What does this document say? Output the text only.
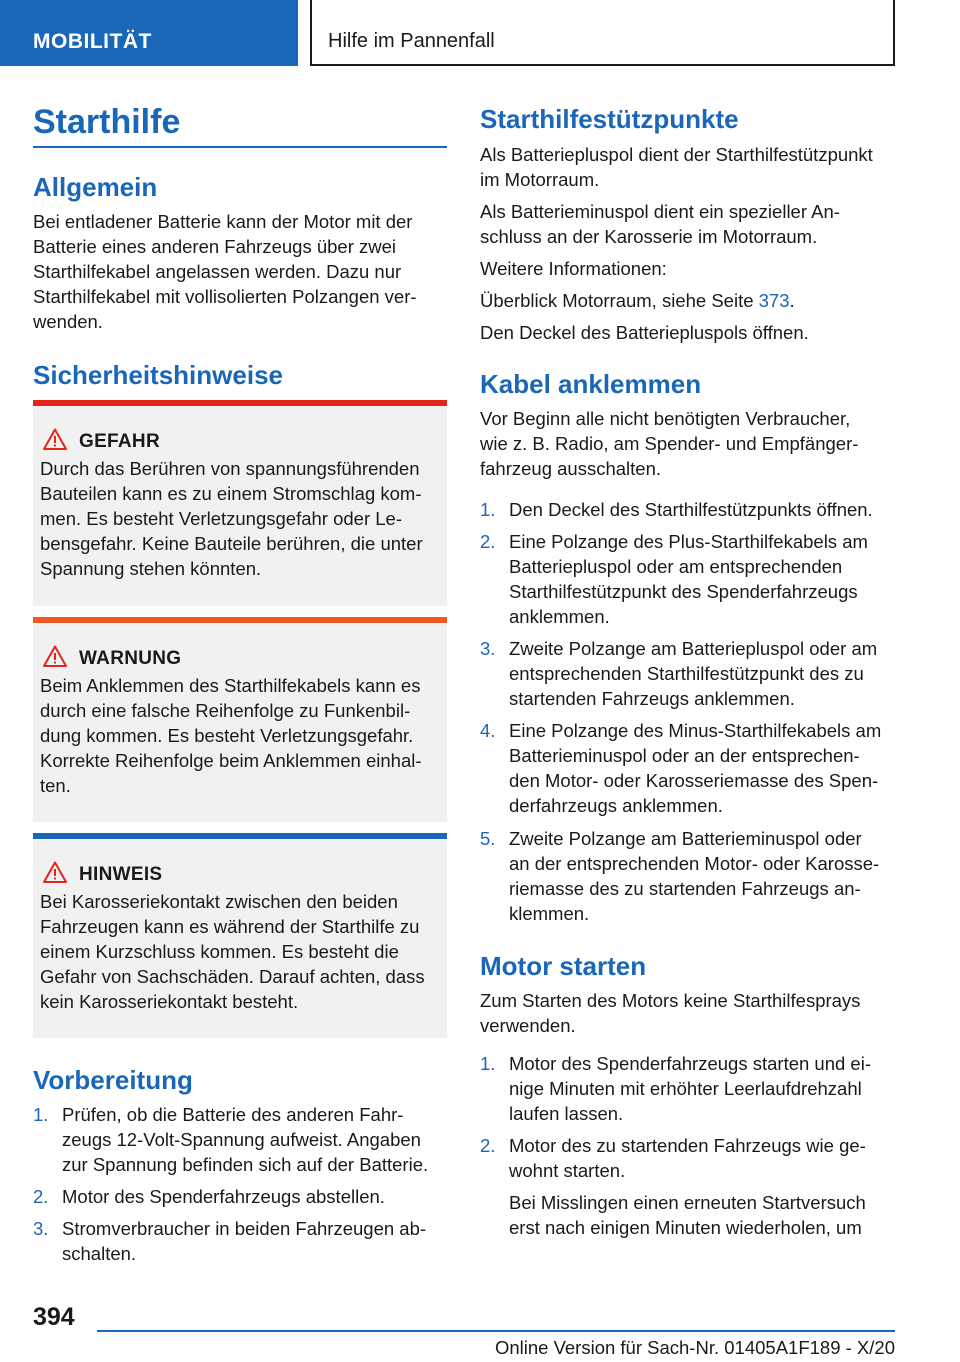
MOBILITÄT	Hilfe im Pannenfall
Starthilfe
Allgemein
Bei entladener Batterie kann der Motor mit der
Batterie eines anderen Fahrzeugs über zwei
Starthilfekabel angelassen werden. Dazu nur
Starthilfekabel mit vollisolierten Polzangen ver-
wenden.
Sicherheitshinweise
GEFAHR
Durch das Berühren von spannungsführenden
Bauteilen kann es zu einem Stromschlag kom-
men. Es besteht Verletzungsgefahr oder Le-
bensgefahr. Keine Bauteile berühren, die unter
Spannung stehen könnten.
WARNUNG
Beim Anklemmen des Starthilfekabels kann es
durch eine falsche Reihenfolge zu Funkenbil-
dung kommen. Es besteht Verletzungsgefahr.
Korrekte Reihenfolge beim Anklemmen einhal-
ten.
HINWEIS
Bei Karosseriekontakt zwischen den beiden
Fahrzeugen kann es während der Starthilfe zu
einem Kurzschluss kommen. Es besteht die
Gefahr von Sachschäden. Darauf achten, dass
kein Karosseriekontakt besteht.
Vorbereitung
1. Prüfen, ob die Batterie des anderen Fahr-
zeugs 12-Volt-Spannung aufweist. Angaben
zur Spannung befinden sich auf der Batterie.
2. Motor des Spenderfahrzeugs abstellen.
3. Stromverbraucher in beiden Fahrzeugen ab-
schalten.
Starthilfestützpunkte
Als Batteriepluspol dient der Starthilfestützpunkt
im Motorraum.
Als Batterieminuspol dient ein spezieller An-
schluss an der Karosserie im Motorraum.
Weitere Informationen:
Überblick Motorraum, siehe Seite 373.
Den Deckel des Batteriepluspols öffnen.
Kabel anklemmen
Vor Beginn alle nicht benötigten Verbraucher,
wie z. B. Radio, am Spender- und Empfänger-
fahrzeug ausschalten.
1. Den Deckel des Starthilfestützpunkts öffnen.
2. Eine Polzange des Plus-Starthilfekabels am
Batteriepluspol oder am entsprechenden
Starthilfestützpunkt des Spenderfahrzeugs
anklemmen.
3. Zweite Polzange am Batteriepluspol oder am
entsprechenden Starthilfestützpunkt des zu
startenden Fahrzeugs anklemmen.
4. Eine Polzange des Minus-Starthilfekabels am
Batterieminuspol oder an der entsprechen-
den Motor- oder Karosseriemasse des Spen-
derfahrzeugs anklemmen.
5. Zweite Polzange am Batterieminuspol oder
an der entsprechenden Motor- oder Karosse-
riemasse des zu startenden Fahrzeugs an-
klemmen.
Motor starten
Zum Starten des Motors keine Starthilfesprays
verwenden.
1. Motor des Spenderfahrzeugs starten und ei-
nige Minuten mit erhöhter Leerlaufdrehzahl
laufen lassen.
2. Motor des zu startenden Fahrzeugs wie ge-
wohnt starten.
Bei Misslingen einen erneuten Startversuch
erst nach einigen Minuten wiederholen, um
394
Online Version für Sach-Nr. 01405A1F189 - X/20
